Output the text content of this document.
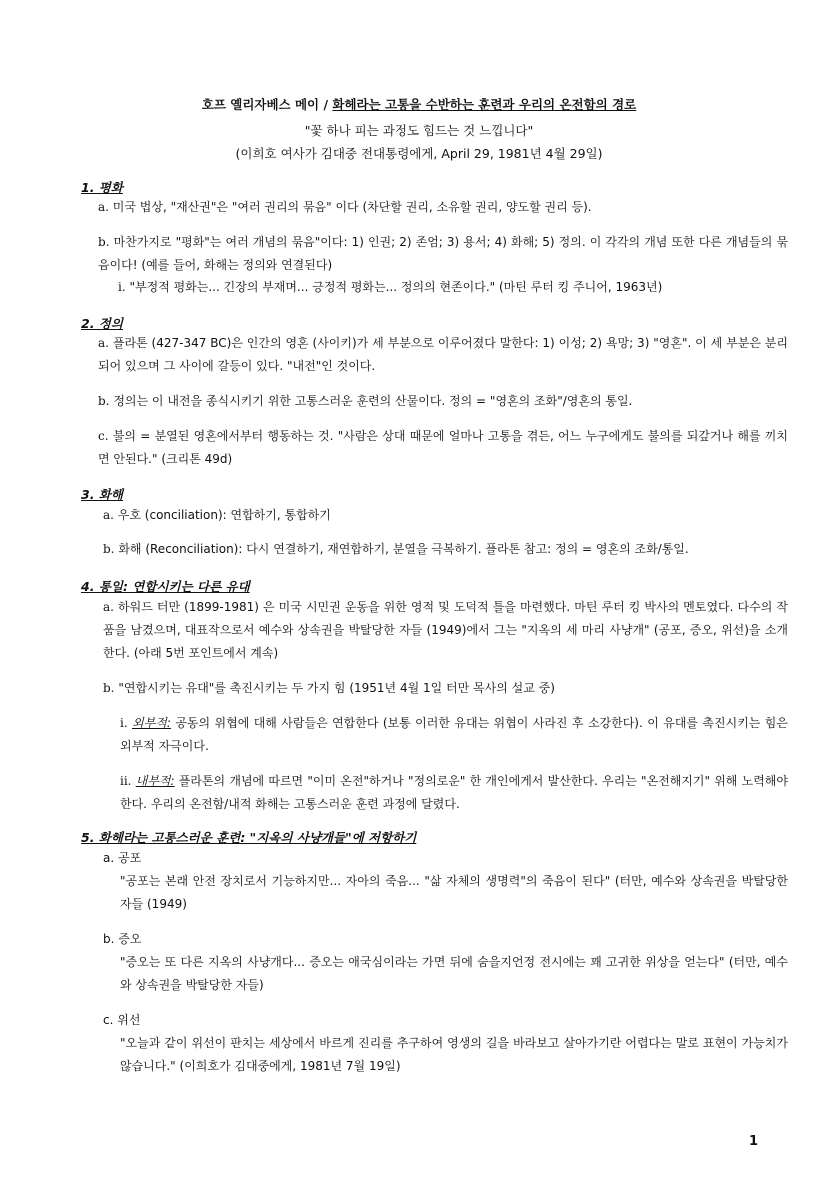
호프 옐리자베스 메이 / 화헤라는 고통을 수반하는 훈련과 우리의 온전함의 경로
"꽃 하나 피는 과정도 힘드는 것 느낍니다"
(이희호 여사가 김대중 전대통령에게, April 29, 1981년 4월 29일)
1. 평화
a. 미국 법상, "재산권"은 "여러 권리의 묶음" 이다 (차단할 권리, 소유할 권리, 양도할 권리 등).
b. 마찬가지로 "평화"는 여러 개념의 묶음"이다: 1) 인권; 2) 존엄; 3) 용서; 4) 화해; 5) 정의. 이 각각의 개념 또한 다른 개념들의 묶음이다! (예를 들어, 화해는 정의와 연결된다)
i. "부정적 평화는... 긴장의 부재며... 긍정적 평화는... 정의의 현존이다." (마틴 루터 킹 주니어, 1963년)
2. 정의
a. 플라톤 (427-347 BC)은 인간의 영혼 (사이키)가 세 부분으로 이루어졌다 말한다: 1) 이성; 2) 욕망; 3) "영혼". 이 세 부분은 분리되어 있으며 그 사이에 갈등이 있다. "내전"인 것이다.
b. 정의는 이 내전을 종식시키기 위한 고통스러운 훈련의 산물이다. 정의 = "영혼의 조화"/영혼의 통일.
c. 불의 = 분열된 영혼에서부터 행동하는 것. "사람은 상대 때문에 얼마나 고통을 겪든, 어느 누구에게도 불의를 되갚거나 해를 끼치면 안된다." (크리톤 49d)
3. 화해
a. 우호 (conciliation): 연합하기, 통합하기
b. 화해 (Reconciliation): 다시 연결하기, 재연합하기, 분열을 극복하기. 플라톤 참고: 정의 = 영혼의 조화/통일.
4. 통일: 연합시키는 다른 유대
a. 하워드 터만 (1899-1981) 은 미국 시민권 운동을 위한 영적 및 도덕적 틀을 마련했다. 마틴 루터 킹 박사의 멘토였다. 다수의 작품을 남겼으며, 대표작으로서 예수와 상속권을 박탈당한 자들 (1949)에서 그는 "지옥의 세 마리 사냥개" (공포, 증오, 위선)을 소개한다. (아래 5번 포인트에서 계속)
b. "연합시키는 유대"를 촉진시키는 두 가지 힘 (1951년 4월 1일 터만 목사의 설교 중)
i. 외부적: 공동의 위협에 대해 사람들은 연합한다 (보통 이러한 유대는 위협이 사라진 후 소강한다). 이 유대를 촉진시키는 힘은 외부적 자극이다.
ii. 내부적: 플라톤의 개념에 따르면 "이미 온전"하거나 "정의로운" 한 개인에게서 발산한다. 우리는 "온전해지기" 위해 노력해야 한다. 우리의 온전함/내적 화해는 고통스러운 훈련 과정에 달렸다.
5. 화헤라는 고통스러운 훈련: "지옥의 사냥개들"에 저항하기
a. 공포
"공포는 본래 안전 장치로서 기능하지만... 자아의 죽음... "삶 자체의 생명력"의 죽음이 된다" (터만, 예수와 상속권을 박탈당한 자들 (1949)
b. 증오
"증오는 또 다른 지옥의 사냥개다... 증오는 애국심이라는 가면 뒤에 숨을지언정 전시에는 꽤 고귀한 위상을 얻는다" (터만, 예수와 상속권을 박탈당한 자들)
c. 위선
"오늘과 같이 위선이 판치는 세상에서 바르게 진리를 추구하여 영생의 길을 바라보고 살아가기란 어렵다는 말로 표현이 가능치가 않습니다." (이희호가 김대중에게, 1981년 7월 19일)
1
